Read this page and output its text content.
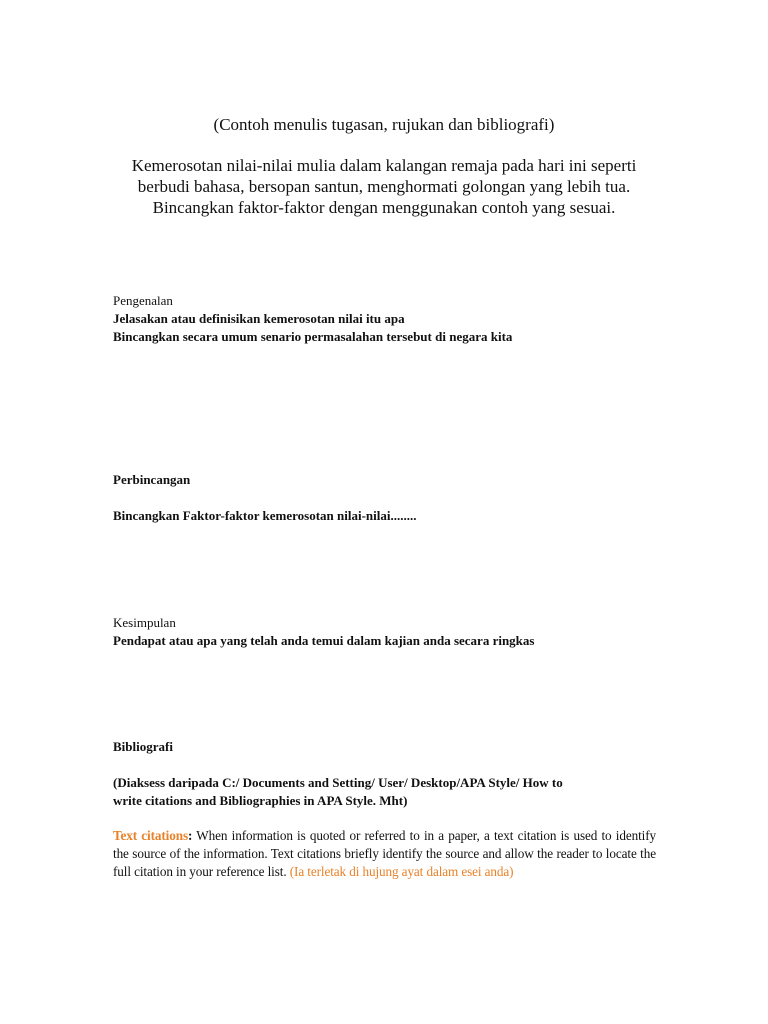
(Contoh menulis tugasan, rujukan dan bibliografi)
Kemerosotan nilai-nilai mulia dalam kalangan remaja pada hari ini seperti
berbudi bahasa, bersopan santun, menghormati golongan yang lebih tua.
Bincangkan faktor-faktor dengan menggunakan contoh yang sesuai.
Pengenalan
Jelasakan atau definisikan kemerosotan nilai itu apa
Bincangkan secara umum senario permasalahan tersebut di negara kita
Perbincangan
Bincangkan Faktor-faktor kemerosotan nilai-nilai........
Kesimpulan
Pendapat atau apa yang telah anda temui dalam kajian anda secara ringkas
Bibliografi
(Diaksess daripada C:/ Documents and Setting/ User/ Desktop/APA Style/ How to
write citations and Bibliographies in APA Style. Mht)
Text citations: When information is quoted or referred to in a paper, a text citation is used to identify the source of the information. Text citations briefly identify the source and allow the reader to locate the full citation in your reference list. (Ia terletak di hujung ayat dalam esei anda)
